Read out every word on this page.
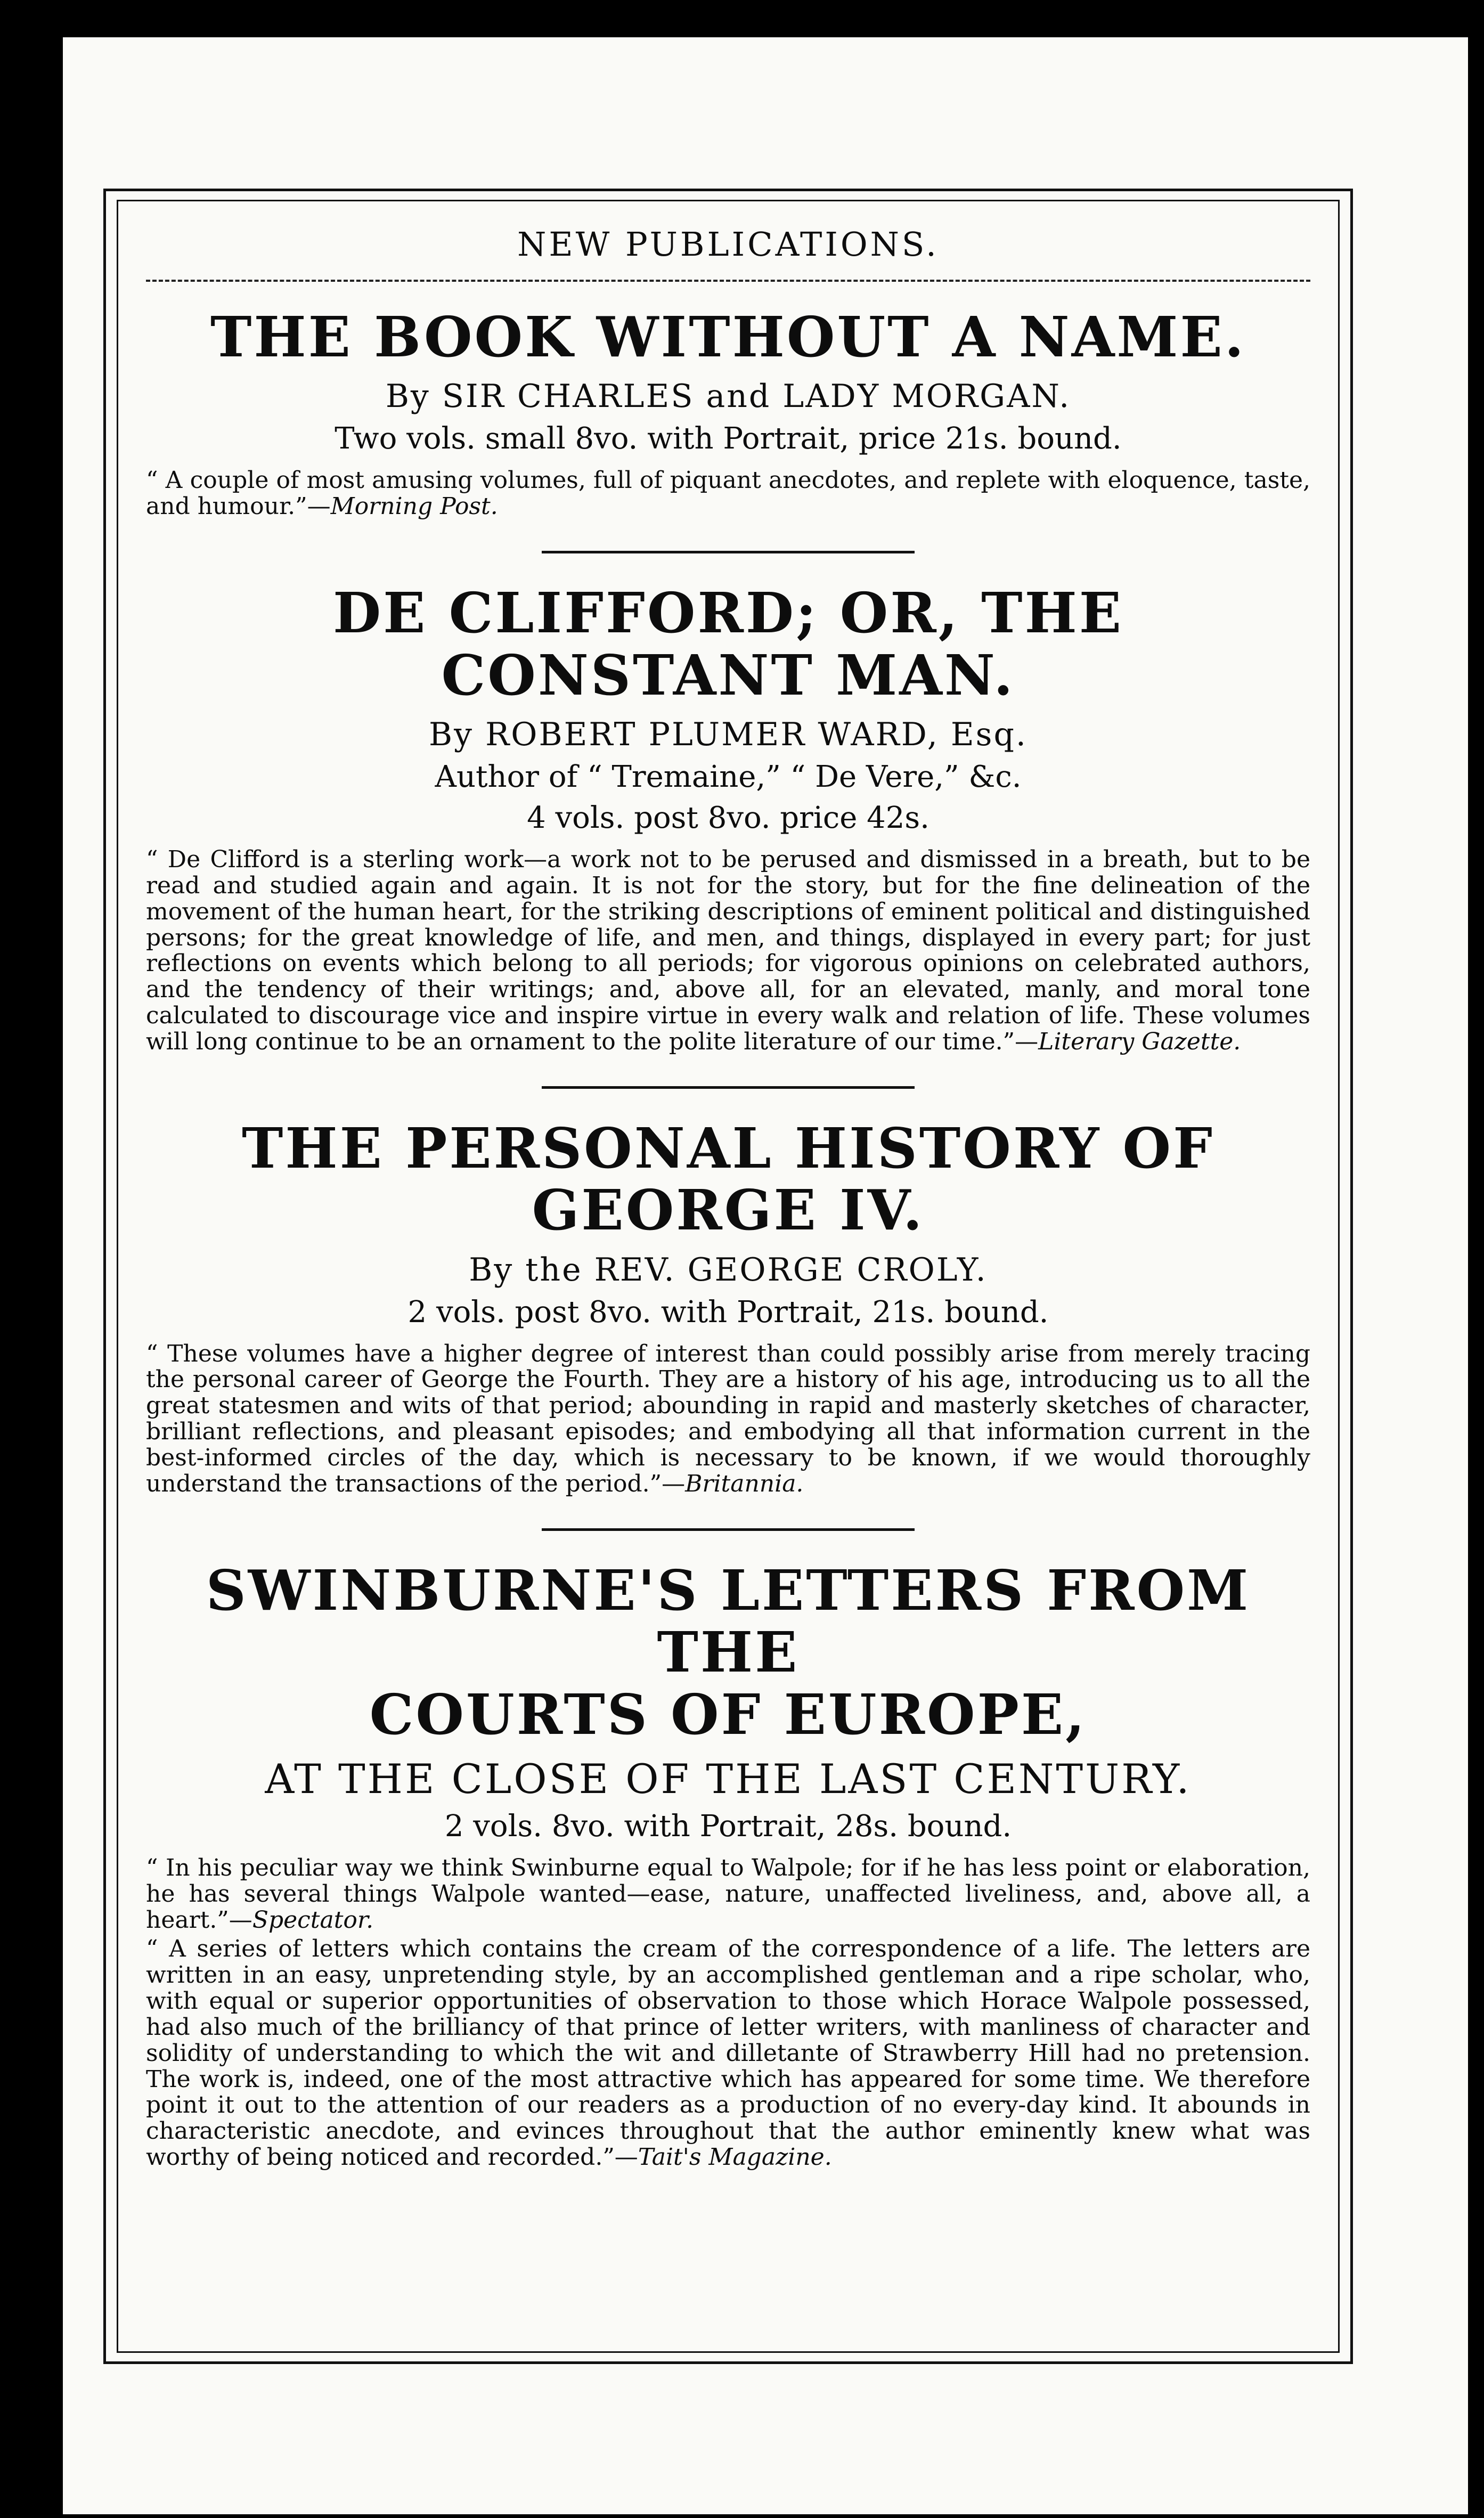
NEW PUBLICATIONS.
THE BOOK WITHOUT A NAME.
By SIR CHARLES and LADY MORGAN.
Two vols. small 8vo. with Portrait, price 21s. bound.

“ A couple of most amusing volumes, full of piquant anecdotes, and replete with eloquence, taste, and humour.”—Morning Post.

DE CLIFFORD; OR, THE CONSTANT MAN.
By ROBERT PLUMER WARD, Esq.
Author of “ Tremaine,” “ De Vere,” &c.
4 vols. post 8vo. price 42s.

“ De Clifford is a sterling work—a work not to be perused and dismissed in a breath, but to be read and studied again and again. It is not for the story, but for the fine delineation of the movement of the human heart, for the striking descriptions of eminent political and distinguished persons; for the great knowledge of life, and men, and things, displayed in every part; for just reflections on events which belong to all periods; for vigorous opinions on celebrated authors, and the tendency of their writings; and, above all, for an elevated, manly, and moral tone calculated to discourage vice and inspire virtue in every walk and relation of life. These volumes will long continue to be an ornament to the polite literature of our time.”—Literary Gazette.

THE PERSONAL HISTORY OF
GEORGE IV.
By the REV. GEORGE CROLY.
2 vols. post 8vo. with Portrait, 21s. bound.

“ These volumes have a higher degree of interest than could possibly arise from merely tracing the personal career of George the Fourth. They are a history of his age, introducing us to all the great statesmen and wits of that period; abounding in rapid and masterly sketches of character, brilliant reflections, and pleasant episodes; and embodying all that information current in the best-informed circles of the day, which is necessary to be known, if we would thoroughly understand the transactions of the period.”—Britannia.

SWINBURNE'S LETTERS FROM THE
COURTS OF EUROPE,
AT THE CLOSE OF THE LAST CENTURY.
2 vols. 8vo. with Portrait, 28s. bound.

“ In his peculiar way we think Swinburne equal to Walpole; for if he has less point or elaboration, he has several things Walpole wanted—ease, nature, unaffected liveliness, and, above all, a heart.”—Spectator.

“ A series of letters which contains the cream of the correspondence of a life. The letters are written in an easy, unpretending style, by an accomplished gentleman and a ripe scholar, who, with equal or superior opportunities of observation to those which Horace Walpole possessed, had also much of the brilliancy of that prince of letter writers, with manliness of character and solidity of understanding to which the wit and dilletante of Strawberry Hill had no pretension. The work is, indeed, one of the most attractive which has appeared for some time. We therefore point it out to the attention of our readers as a production of no every-day kind. It abounds in characteristic anecdote, and evinces throughout that the author eminently knew what was worthy of being noticed and recorded.”—Tait's Magazine.
